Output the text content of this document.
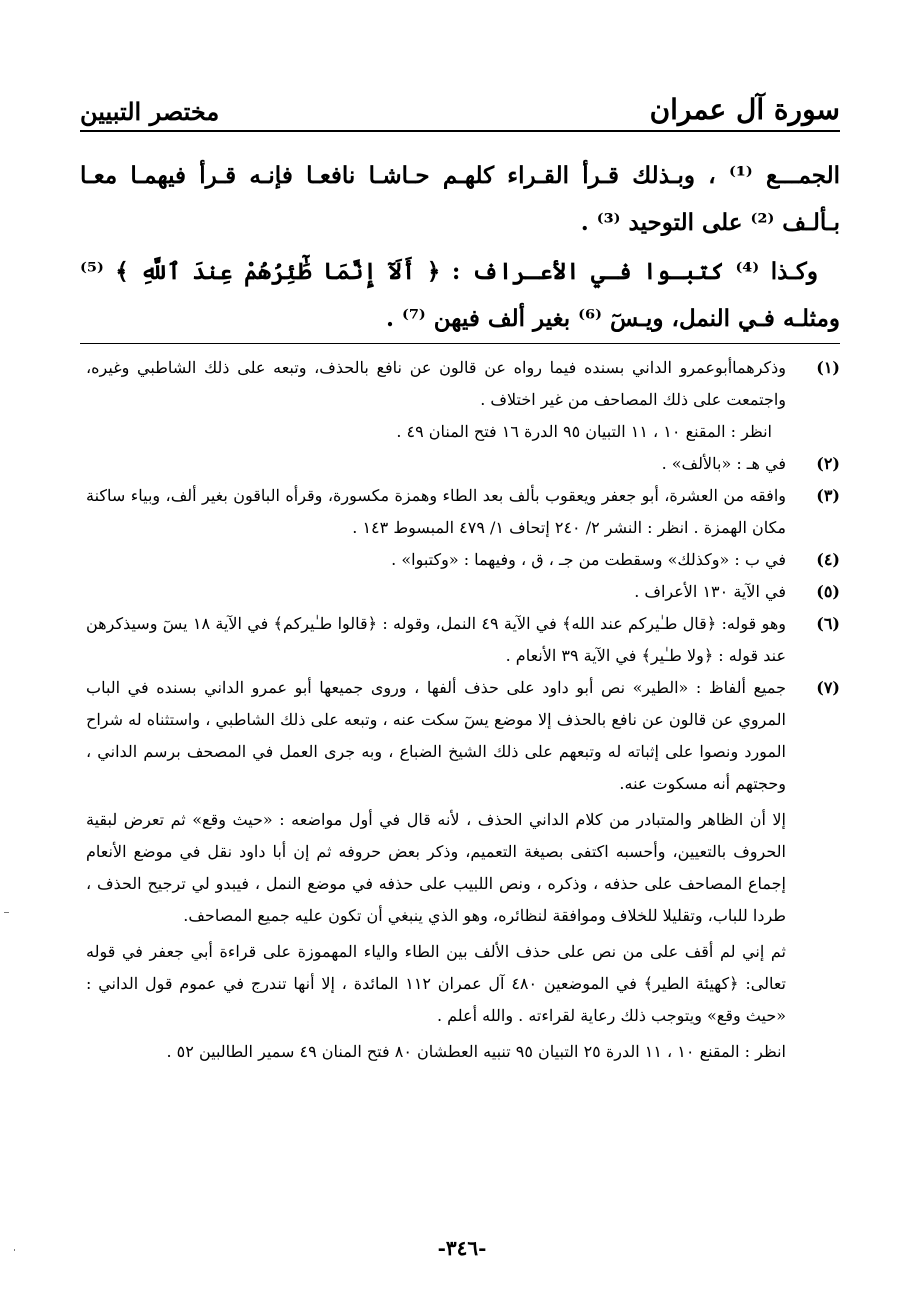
سورة آل عمران
مختصر التبيين

الجمـــع ⁽¹⁾ ، وبـذلك قـرأ القـراء كلهـم حـاشـا نافعـا فإنـه قـرأ فيهمـا معـا بـألـف ⁽²⁾ على التوحيد ⁽³⁾ .

وكـذا ⁽⁴⁾ كتبـوا فـي الأعـراف : ﴿ أَلَآ إِنَّمَا طَٰٓئِرُهُمْ عِندَ ٱللَّهِ ﴾ ⁽⁵⁾ ومثلـه فـي النمل، ويـسٓ ⁽⁶⁾ بغير ألف فيهن ⁽⁷⁾ .

(١)

وذكرهماأبوعمرو الداني بسنده فيما رواه عن قالون عن نافع بالحذف، وتبعه على ذلك الشاطبي وغيره، واجتمعت على ذلك المصاحف من غير اختلاف .

انظر : المقنع ١٠ ، ١١ التبيان ٩٥ الدرة ١٦ فتح المنان ٤٩ .

(٢)

في هـ : «بالألف» .

(٣)

وافقه من العشرة، أبو جعفر ويعقوب بألف بعد الطاء وهمزة مكسورة، وقرأه الباقون بغير ألف، وبياء ساكنة مكان الهمزة . انظر : النشر ٢/ ٢٤٠ إتحاف ١/ ٤٧٩ المبسوط ١٤٣ .

(٤)

في ب : «وكذلك» وسقطت من جـ ، ق ، وفيهما : «وكتبوا» .

(٥)

في الآية ١٣٠ الأعراف .

(٦)

وهو قوله: ﴿قال طـٰيركم عند الله﴾ في الآية ٤٩ النمل، وقوله : ﴿قالوا طـٰيركم﴾ في الآية ١٨ يسٓ وسيذكرهن عند قوله : ﴿ولا طـٰير﴾ في الآية ٣٩ الأنعام .

(٧)

جميع ألفاظ : «الطير» نص أبو داود على حذف ألفها ، وروى جميعها أبو عمرو الداني بسنده في الباب المروي عن قالون عن نافع بالحذف إلا موضع يسٓ سكت عنه ، وتبعه على ذلك الشاطبي ، واستثناه له شراح المورد ونصوا على إثباته له وتبعهم على ذلك الشيخ الضباع ، وبه جرى العمل في المصحف برسم الداني ، وحجتهم أنه مسكوت عنه.

إلا أن الظاهر والمتبادر من كلام الداني الحذف ، لأنه قال في أول مواضعه : «حيث وقع» ثم تعرض لبقية الحروف بالتعيين، وأحسبه اكتفى بصيغة التعميم، وذكر بعض حروفه ثم إن أبا داود نقل في موضع الأنعام إجماع المصاحف على حذفه ، وذكره ، ونص اللبيب على حذفه في موضع النمل ، فيبدو لي ترجيح الحذف ، طردا للباب، وتقليلا للخلاف وموافقة لنظائره، وهو الذي ينبغي أن تكون عليه جميع المصاحف.

ثم إني لم أقف على من نص على حذف الألف بين الطاء والياء المهموزة على قراءة أبي جعفر في قوله تعالى: ﴿كهيئة الطير﴾ في الموضعين ٤٨٠ آل عمران ١١٢ المائدة ، إلا أنها تندرج في عموم قول الداني : «حيث وقع» ويتوجب ذلك رعاية لقراءته . والله أعلم .

انظر : المقنع ١٠ ، ١١ الدرة ٢٥ التبيان ٩٥ تنبيه العطشان ٨٠ فتح المنان ٤٩ سمير الطالبين ٥٢ .

-٣٤٦-
